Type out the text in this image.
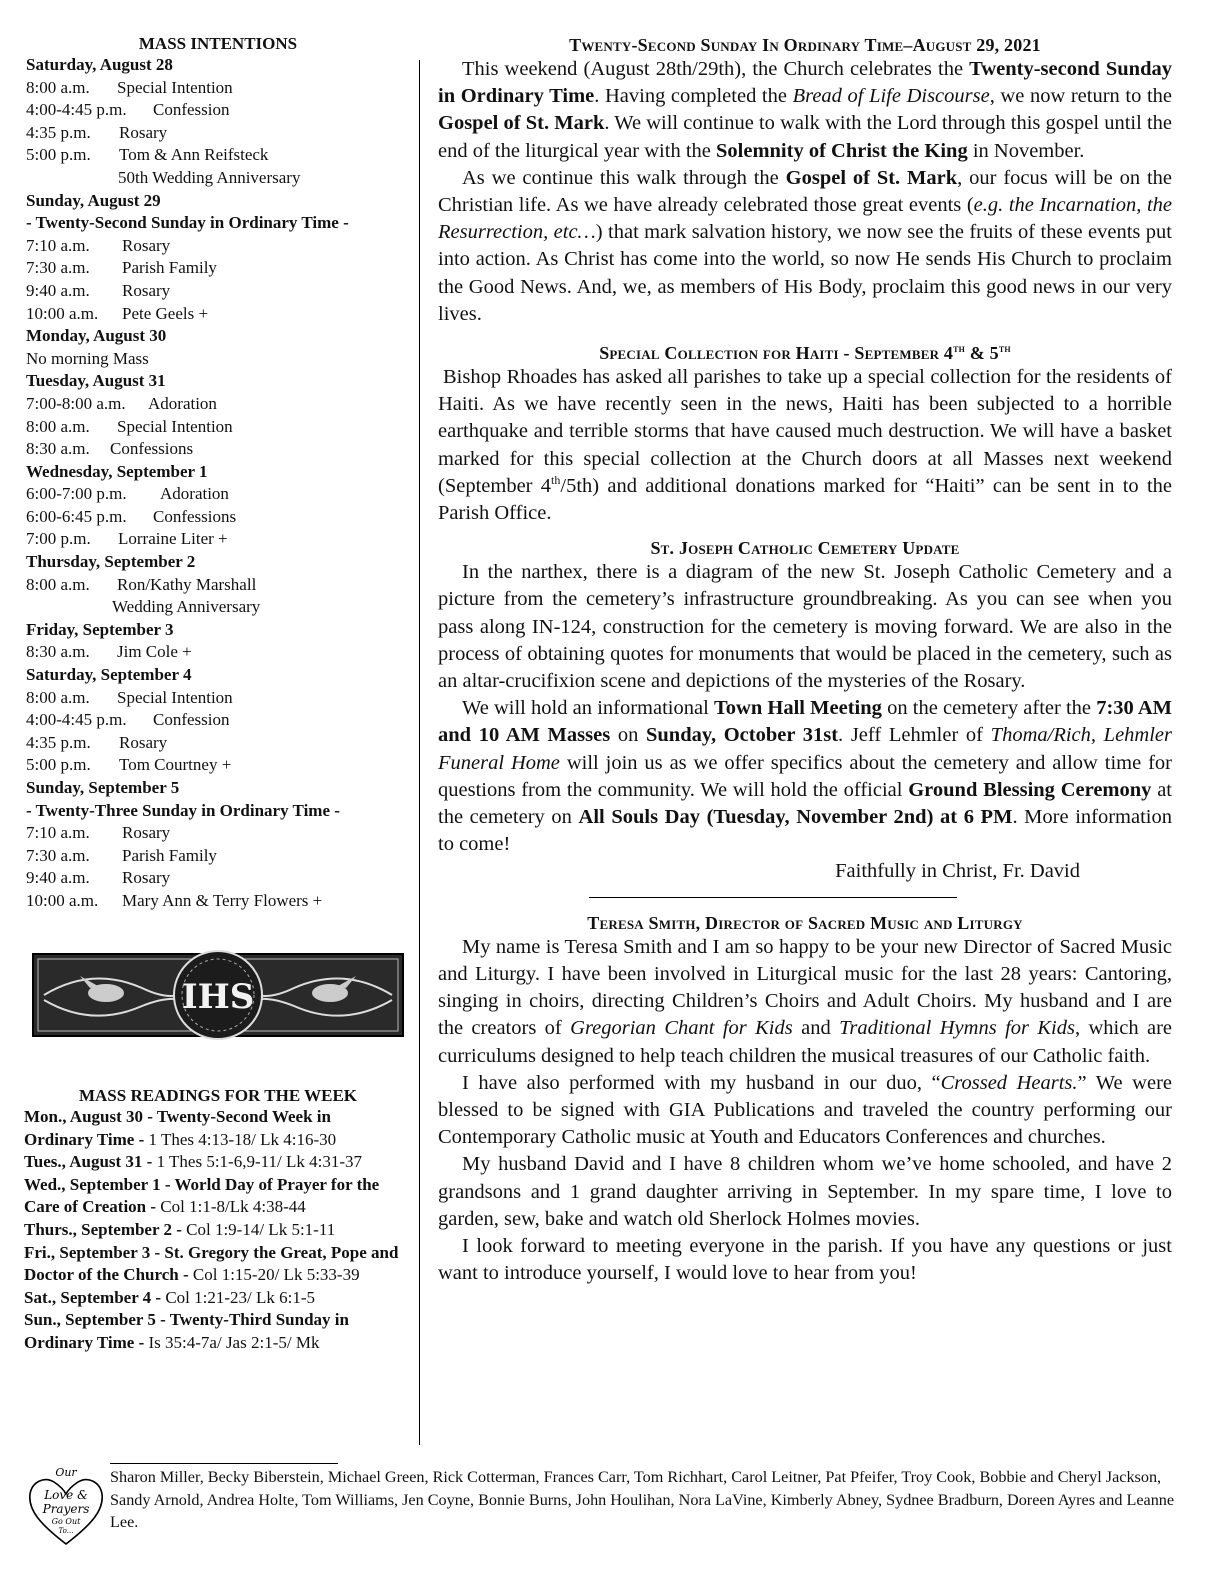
MASS INTENTIONS
Saturday, August 28
8:00 a.m. Special Intention
4:00-4:45 p.m. Confession
4:35 p.m. Rosary
5:00 p.m. Tom & Ann Reifsteck
50th Wedding Anniversary
Sunday, August 29
- Twenty-Second Sunday in Ordinary Time -
7:10 a.m. Rosary
7:30 a.m. Parish Family
9:40 a.m. Rosary
10:00 a.m. Pete Geels +
Monday, August 30
No morning Mass
Tuesday, August 31
7:00-8:00 a.m. Adoration
8:00 a.m. Special Intention
8:30 a.m. Confessions
Wednesday, September 1
6:00-7:00 p.m. Adoration
6:00-6:45 p.m. Confessions
7:00 p.m. Lorraine Liter +
Thursday, September 2
8:00 a.m. Ron/Kathy Marshall
Wedding Anniversary
Friday, September 3
8:30 a.m. Jim Cole +
Saturday, September 4
8:00 a.m. Special Intention
4:00-4:45 p.m. Confession
4:35 p.m. Rosary
5:00 p.m. Tom Courtney +
Sunday, September 5
- Twenty-Three Sunday in Ordinary Time -
7:10 a.m. Rosary
7:30 a.m. Parish Family
9:40 a.m. Rosary
10:00 a.m. Mary Ann & Terry Flowers +
IHS
MASS READINGS FOR THE WEEK
Mon., August 30 - Twenty-Second Week in Ordinary Time - 1 Thes 4:13-18/ Lk 4:16-30
Tues., August 31 - 1 Thes 5:1-6,9-11/ Lk 4:31-37
Wed., September 1 - World Day of Prayer for the Care of Creation - Col 1:1-8/Lk 4:38-44
Thurs., September 2 - Col 1:9-14/ Lk 5:1-11
Fri., September 3 - St. Gregory the Great, Pope and Doctor of the Church - Col 1:15-20/ Lk 5:33-39
Sat., September 4 - Col 1:21-23/ Lk 6:1-5
Sun., September 5 - Twenty-Third Sunday in Ordinary Time - Is 35:4-7a/ Jas 2:1-5/ Mk
Twenty-Second Sunday In Ordinary Time–August 29, 2021

This weekend (August 28th/29th), the Church celebrates the Twenty-second Sunday in Ordinary Time. Having completed the Bread of Life Discourse, we now return to the Gospel of St. Mark. We will continue to walk with the Lord through this gospel until the end of the liturgical year with the Solemnity of Christ the King in November.

As we continue this walk through the Gospel of St. Mark, our focus will be on the Christian life. As we have already celebrated those great events (e.g. the Incarnation, the Resurrection, etc…) that mark salvation history, we now see the fruits of these events put into action. As Christ has come into the world, so now He sends His Church to proclaim the Good News. And, we, as members of His Body, proclaim this good news in our very lives.

Special Collection for Haiti - September 4th & 5th

Bishop Rhoades has asked all parishes to take up a special collection for the residents of Haiti. As we have recently seen in the news, Haiti has been subjected to a horrible earthquake and terrible storms that have caused much destruction. We will have a basket marked for this special collection at the Church doors at all Masses next weekend (September 4th/5th) and additional donations marked for “Haiti” can be sent in to the Parish Office.

St. Joseph Catholic Cemetery Update

In the narthex, there is a diagram of the new St. Joseph Catholic Cemetery and a picture from the cemetery’s infrastructure groundbreaking. As you can see when you pass along IN-124, construction for the cemetery is moving forward. We are also in the process of obtaining quotes for monuments that would be placed in the cemetery, such as an altar-crucifixion scene and depictions of the mysteries of the Rosary.

We will hold an informational Town Hall Meeting on the cemetery after the 7:30 AM and 10 AM Masses on Sunday, October 31st. Jeff Lehmler of Thoma/Rich, Lehmler Funeral Home will join us as we offer specifics about the cemetery and allow time for questions from the community. We will hold the official Ground Blessing Ceremony at the cemetery on All Souls Day (Tuesday, November 2nd) at 6 PM. More information to come!

Faithfully in Christ, Fr. David
Teresa Smith, Director of Sacred Music and Liturgy

My name is Teresa Smith and I am so happy to be your new Director of Sacred Music and Liturgy. I have been involved in Liturgical music for the last 28 years: Cantoring, singing in choirs, directing Children’s Choirs and Adult Choirs. My husband and I are the creators of Gregorian Chant for Kids and Traditional Hymns for Kids, which are curriculums designed to help teach children the musical treasures of our Catholic faith.

I have also performed with my husband in our duo, “Crossed Hearts.” We were blessed to be signed with GIA Publications and traveled the country performing our Contemporary Catholic music at Youth and Educators Conferences and churches.

My husband David and I have 8 children whom we’ve home schooled, and have 2 grandsons and 1 grand daughter arriving in September. In my spare time, I love to garden, sew, bake and watch old Sherlock Holmes movies.

I look forward to meeting everyone in the parish. If you have any questions or just want to introduce yourself, I would love to hear from you!

Our
Love &
Prayers
Go Out
To...
Sharon Miller, Becky Biberstein, Michael Green, Rick Cotterman, Frances Carr, Tom Richhart, Carol Leitner, Pat Pfeifer, Troy Cook, Bobbie and Cheryl Jackson, Sandy Arnold, Andrea Holte, Tom Williams, Jen Coyne, Bonnie Burns, John Houlihan, Nora LaVine, Kimberly Abney, Sydnee Bradburn, Doreen Ayres and Leanne Lee.
